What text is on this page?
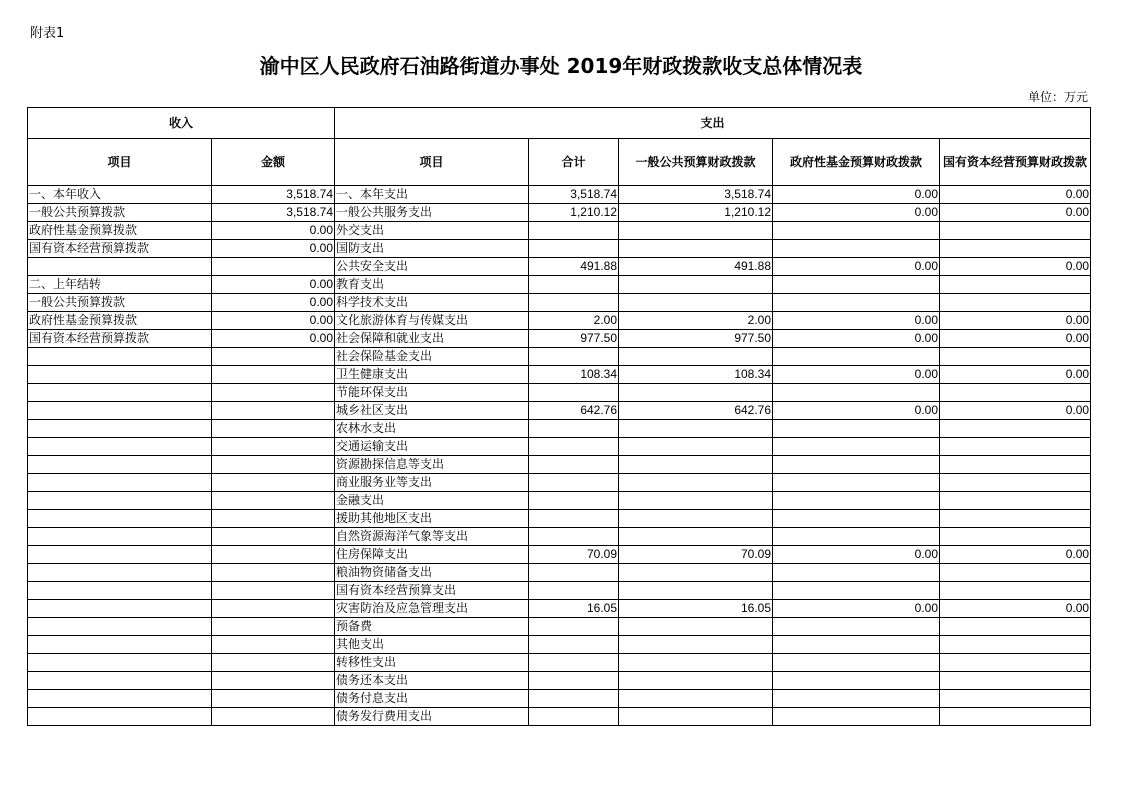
附表1
渝中区人民政府石油路街道办事处 2019年财政拨款收支总体情况表
单位：万元
收入		支出				
项目	金额	项目	合计	一般公共预算财政拨款	政府性基金预算财政拨款	国有资本经营预算财政拨款
一、本年收入	3,518.74	一、本年支出	3,518.74	3,518.74	0.00	0.00
一般公共预算拨款	3,518.74	一般公共服务支出	1,210.12	1,210.12	0.00	0.00
政府性基金预算拨款	0.00	外交支出				
国有资本经营预算拨款	0.00	国防支出				
		公共安全支出	491.88	491.88	0.00	0.00
二、上年结转	0.00	教育支出				
一般公共预算拨款	0.00	科学技术支出				
政府性基金预算拨款	0.00	文化旅游体育与传媒支出	2.00	2.00	0.00	0.00
国有资本经营预算拨款	0.00	社会保障和就业支出	977.50	977.50	0.00	0.00
		社会保险基金支出				
		卫生健康支出	108.34	108.34	0.00	0.00
		节能环保支出				
		城乡社区支出	642.76	642.76	0.00	0.00
		农林水支出				
		交通运输支出				
		资源勘探信息等支出				
		商业服务业等支出				
		金融支出				
		援助其他地区支出				
		自然资源海洋气象等支出				
		住房保障支出	70.09	70.09	0.00	0.00
		粮油物资储备支出				
		国有资本经营预算支出				
		灾害防治及应急管理支出	16.05	16.05	0.00	0.00
		预备费				
		其他支出				
		转移性支出				
		债务还本支出				
		债务付息支出				
		债务发行费用支出				
